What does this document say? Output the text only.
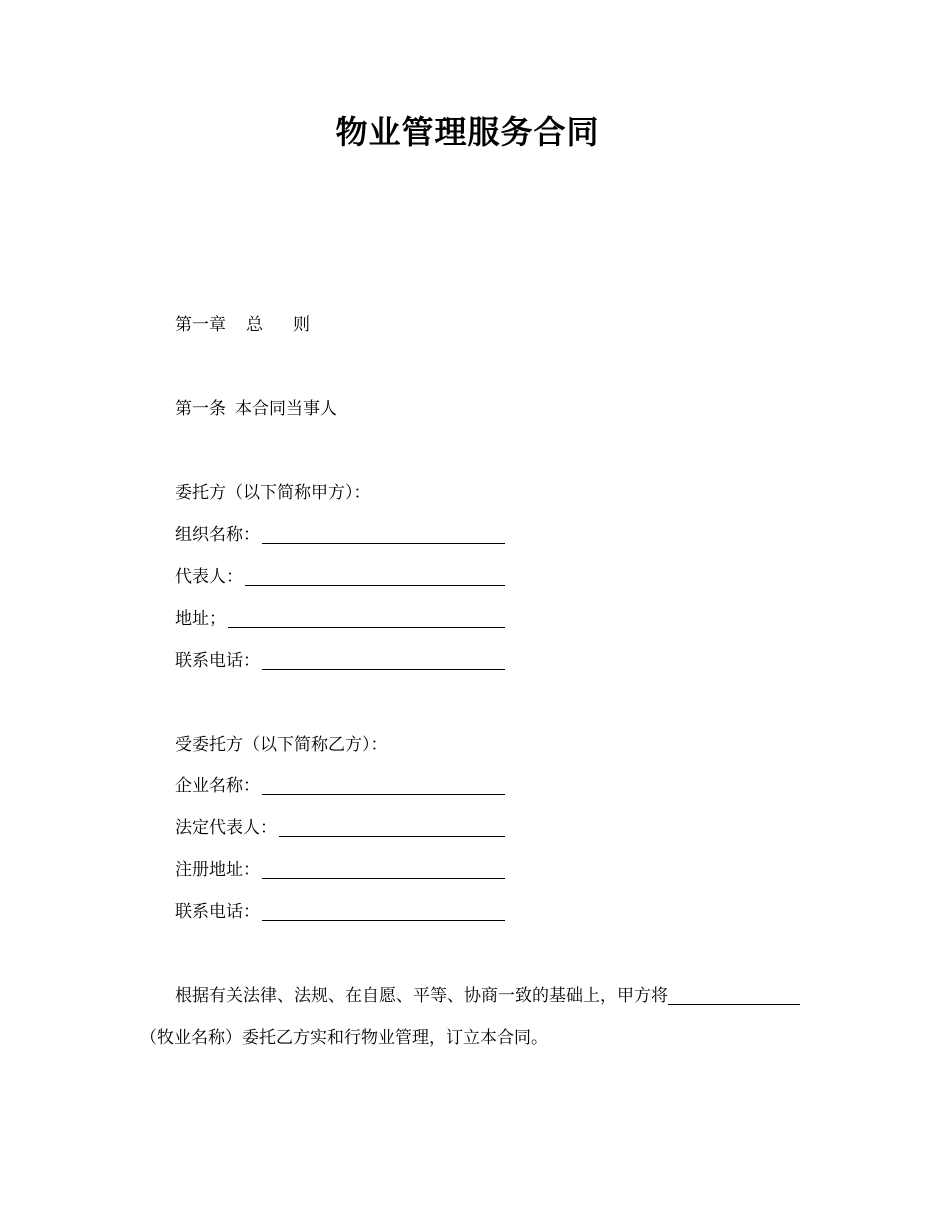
物业管理服务合同
第一章 总 则
第一条 本合同当事人
委托方（以下简称甲方）：
组织名称：
代表人：
地址；
联系电话：
受委托方（以下简称乙方）：
企业名称：
法定代表人：
注册地址：
联系电话：
根据有关法律、法规、在自愿、平等、协商一致的基础上，甲方将
（牧业名称）委托乙方实和行物业管理，订立本合同。
